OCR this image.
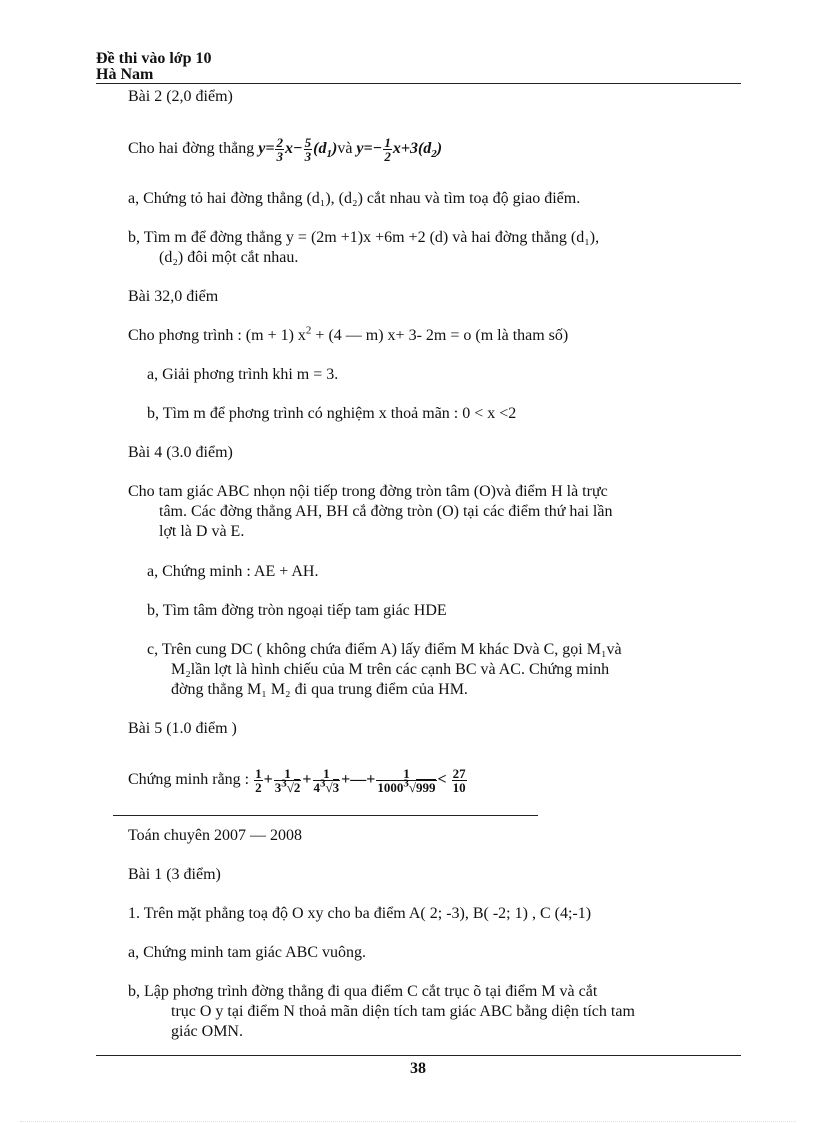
Đề thi vào lớp 10
Hà Nam
Bài 2 (2,0 điểm)
Cho hai đờng thẳng $y= \frac{2}{3} x- \frac{5}{3}$ $(d_1)và$ $y=- \frac{1}{2} x+3(d_2)$
a, Chứng tỏ hai đờng thẳng (d₁), (d₂) cắt nhau và tìm toạ độ giao điểm.
b, Tìm m để đờng thẳng y = (2m +1)x +6m +2 (d) và hai đờng thẳng (d₁),
(d₂) đôi một cắt nhau.
Bài 32,0 điểm
Cho phơng trình : (m + 1) $x^2 + (4$ — m) x+ 3- 2m = o (m là tham số)
a, Giải phơng trình khi m = 3.
b, Tìm m để phơng trình có nghiệm x thoả mãn : 0 < x <2
Bài 4 (3.0 điểm)
Cho tam giác ABC nhọn nội tiếp trong đờng tròn tâm (O)và điểm H là trực
tâm. Các đờng thẳng AH, BH cắ đờng tròn (O) tại các điểm thứ hai lần
lợt là D và E.
a, Chứng minh : AE + AH.
b, Tìm tâm đờng tròn ngoại tiếp tam giác HDE
c, Trên cung DC ( không chứa điểm A) lấy điểm M khác Dvà C, gọi M₁và
M₂lần lợt là hình chiếu của M trên các cạnh BC và AC. Chứng minh
đờng thẳng M₁ M₂ đi qua trung điểm của HM.
Bài 5 (1.0 điểm )
Chứng minh rằng : $\frac{1}{2} + \frac{1}{3^3√2} + \frac{1}{4^3√3}$ +—+ $\frac{1}{1000^3√999} < \frac{27}{10}$
Toán chuyên 2007 — 2008
Bài 1 (3 điểm)
1. Trên mặt phẳng toạ độ O xy cho ba điểm A( 2; -3), B( -2; 1) , C (4;-1)
a, Chứng minh tam giác ABC vuông.
b, Lập phơng trình đờng thẳng đi qua điểm C cắt trục õ tại điểm M và cắt
trục O y tại điểm N thoả mãn diện tích tam giác ABC bằng diện tích tam
giác OMN.
38
